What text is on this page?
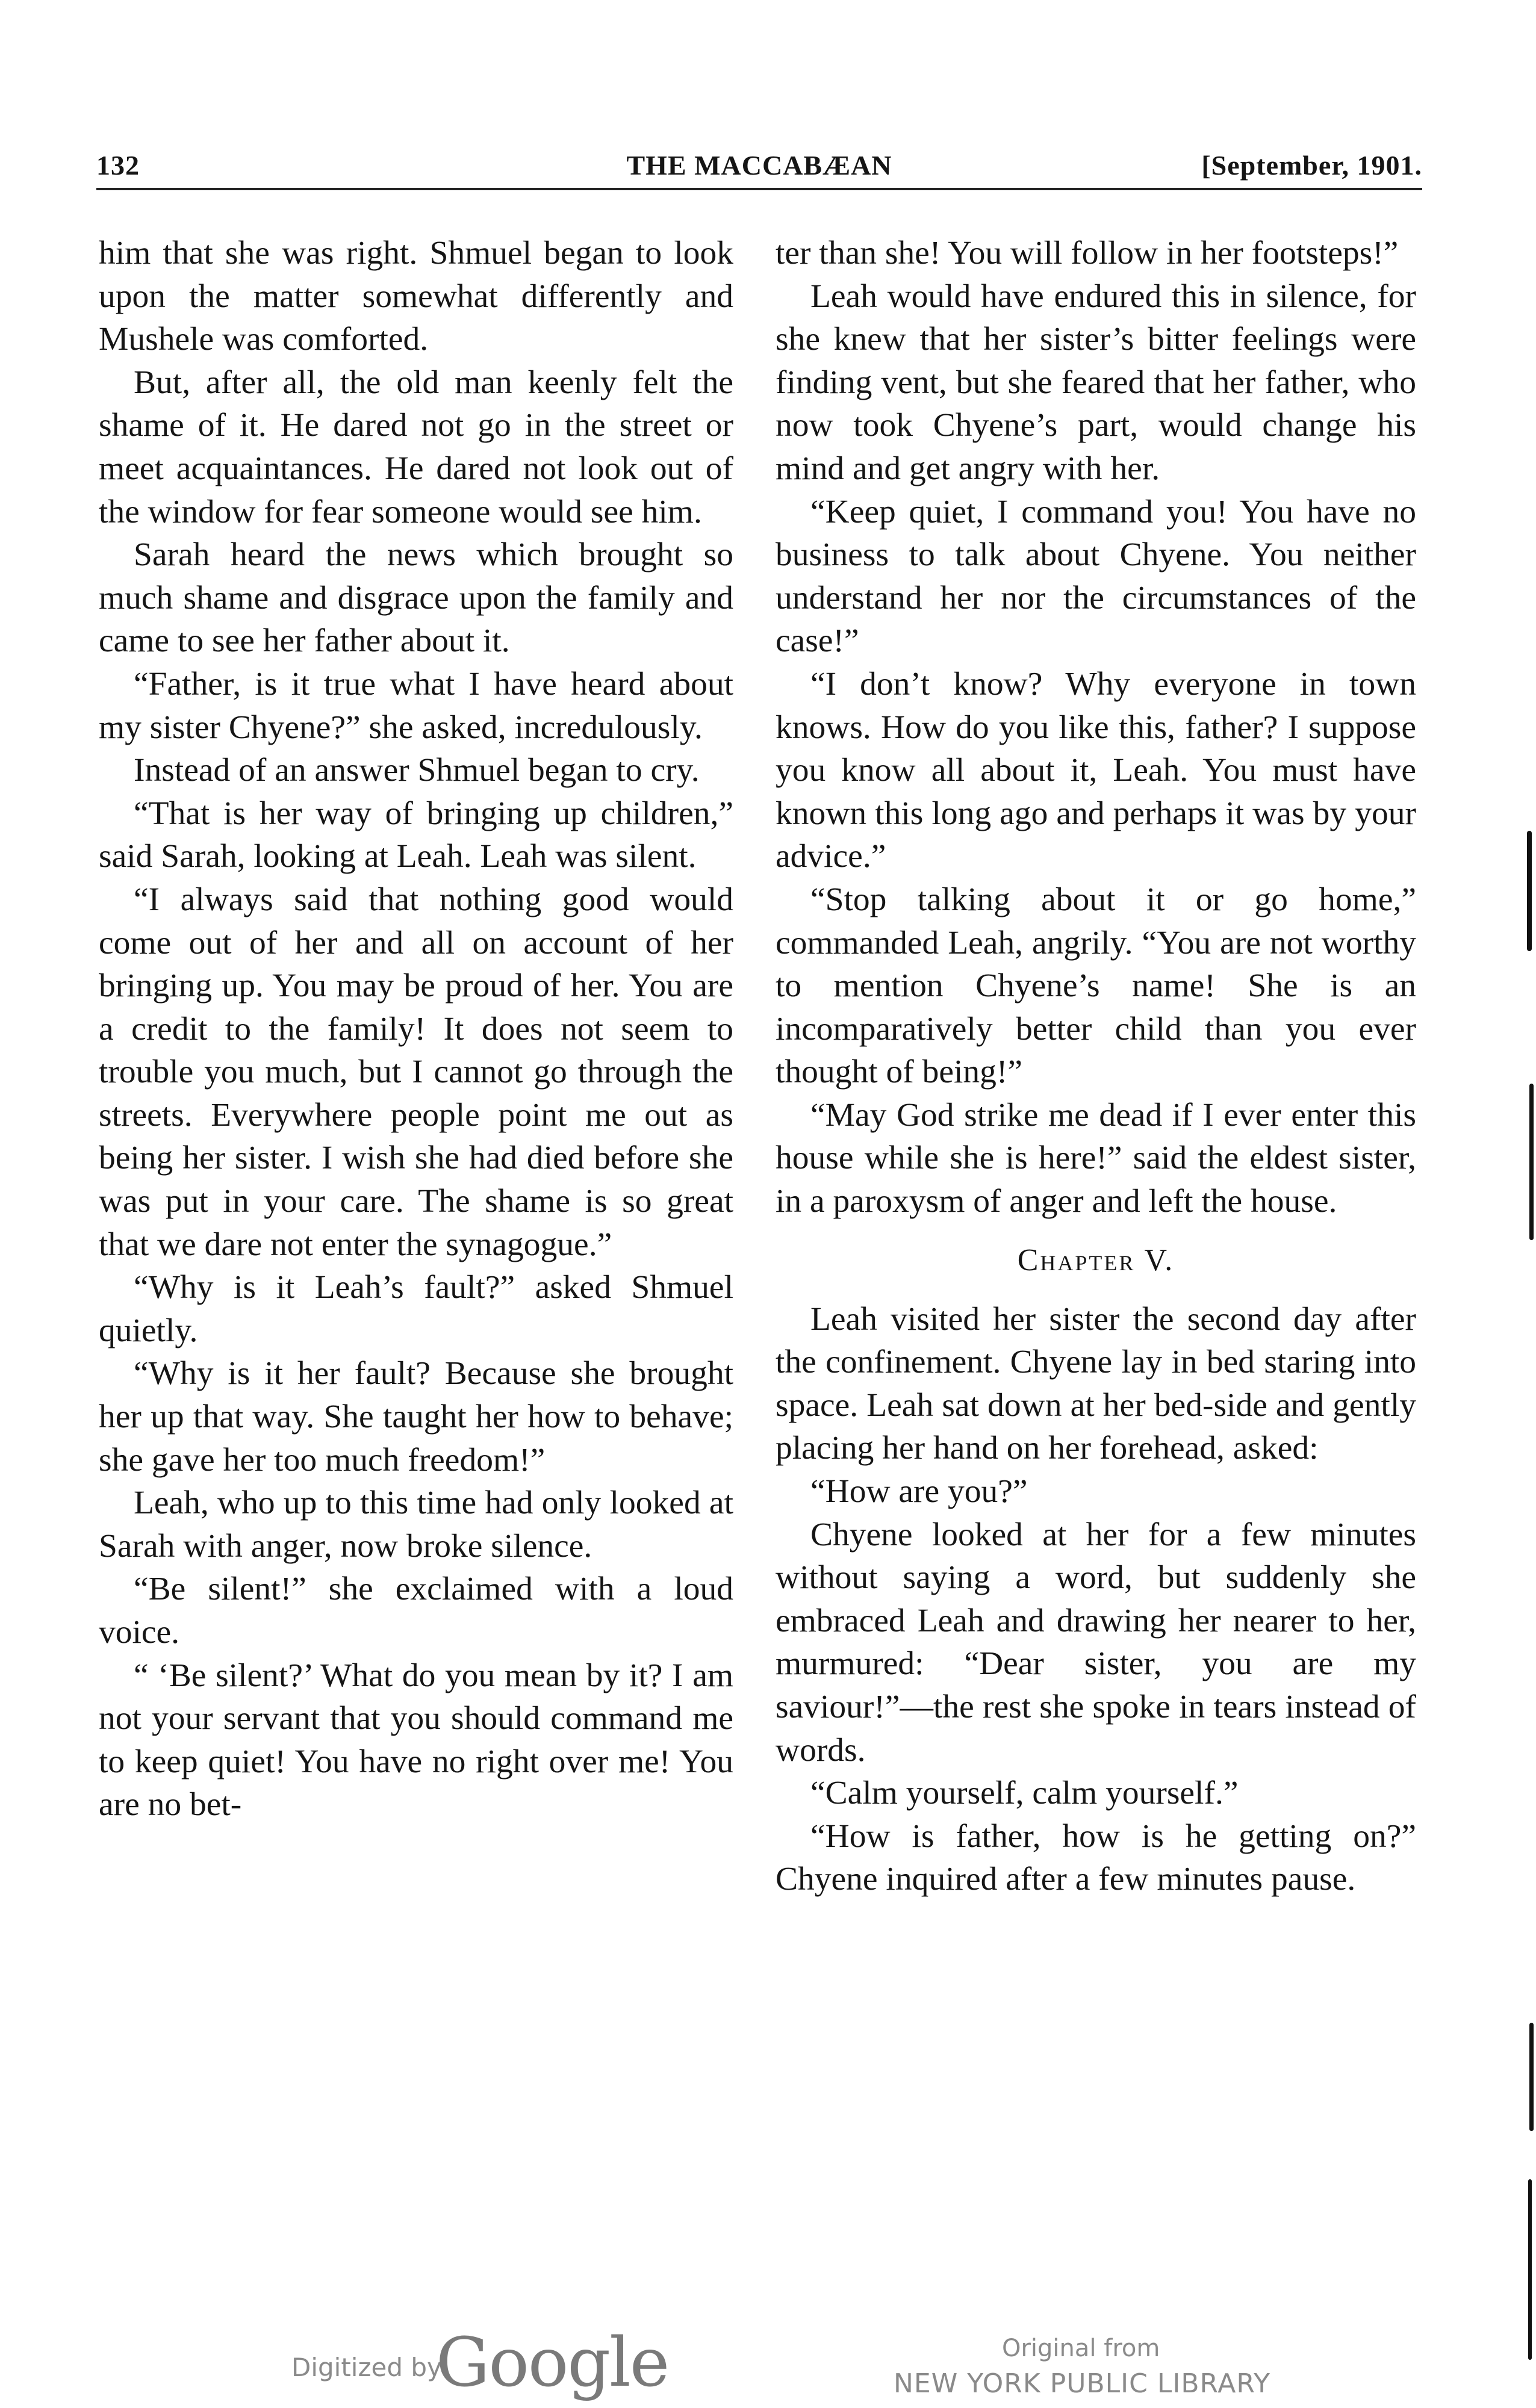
132	THE MACCABÆAN	[September, 1901.

him that she was right. Shmuel began to look upon the matter somewhat differently and Mushele was comforted.

But, after all, the old man keenly felt the shame of it. He dared not go in the street or meet acquaintances. He dared not look out of the window for fear someone would see him.

Sarah heard the news which brought so much shame and disgrace upon the family and came to see her father about it.

“Father, is it true what I have heard about my sister Chyene?” she asked, incredulously.

Instead of an answer Shmuel began to cry.

“That is her way of bringing up children,” said Sarah, looking at Leah. Leah was silent.

“I always said that nothing good would come out of her and all on account of her bringing up. You may be proud of her. You are a credit to the family! It does not seem to trouble you much, but I cannot go through the streets. Everywhere people point me out as being her sister. I wish she had died before she was put in your care. The shame is so great that we dare not enter the synagogue.”

“Why is it Leah’s fault?” asked Shmuel quietly.

“Why is it her fault? Because she brought her up that way. She taught her how to behave; she gave her too much freedom!”

Leah, who up to this time had only looked at Sarah with anger, now broke silence.

“Be silent!” she exclaimed with a loud voice.

“ ‘Be silent?’ What do you mean by it? I am not your servant that you should command me to keep quiet! You have no right over me! You are no bet-

ter than she! You will follow in her footsteps!”

Leah would have endured this in silence, for she knew that her sister’s bitter feelings were finding vent, but she feared that her father, who now took Chyene’s part, would change his mind and get angry with her.

“Keep quiet, I command you! You have no business to talk about Chyene. You neither understand her nor the circumstances of the case!”

“I don’t know? Why everyone in town knows. How do you like this, father? I suppose you know all about it, Leah. You must have known this long ago and perhaps it was by your advice.”

“Stop talking about it or go home,” commanded Leah, angrily. “You are not worthy to mention Chyene’s name! She is an incomparatively better child than you ever thought of being!”

“May God strike me dead if I ever enter this house while she is here!” said the eldest sister, in a paroxysm of anger and left the house.

Chapter V.

Leah visited her sister the second day after the confinement. Chyene lay in bed staring into space. Leah sat down at her bed-side and gently placing her hand on her forehead, asked:

“How are you?”

Chyene looked at her for a few minutes without saying a word, but suddenly she embraced Leah and drawing her nearer to her, murmured: “Dear sister, you are my saviour!”—the rest she spoke in tears instead of words.

“Calm yourself, calm yourself.”

“How is father, how is he getting on?” Chyene inquired after a few minutes pause.

Digitized by
Google	Original from
NEW YORK PUBLIC LIBRARY
